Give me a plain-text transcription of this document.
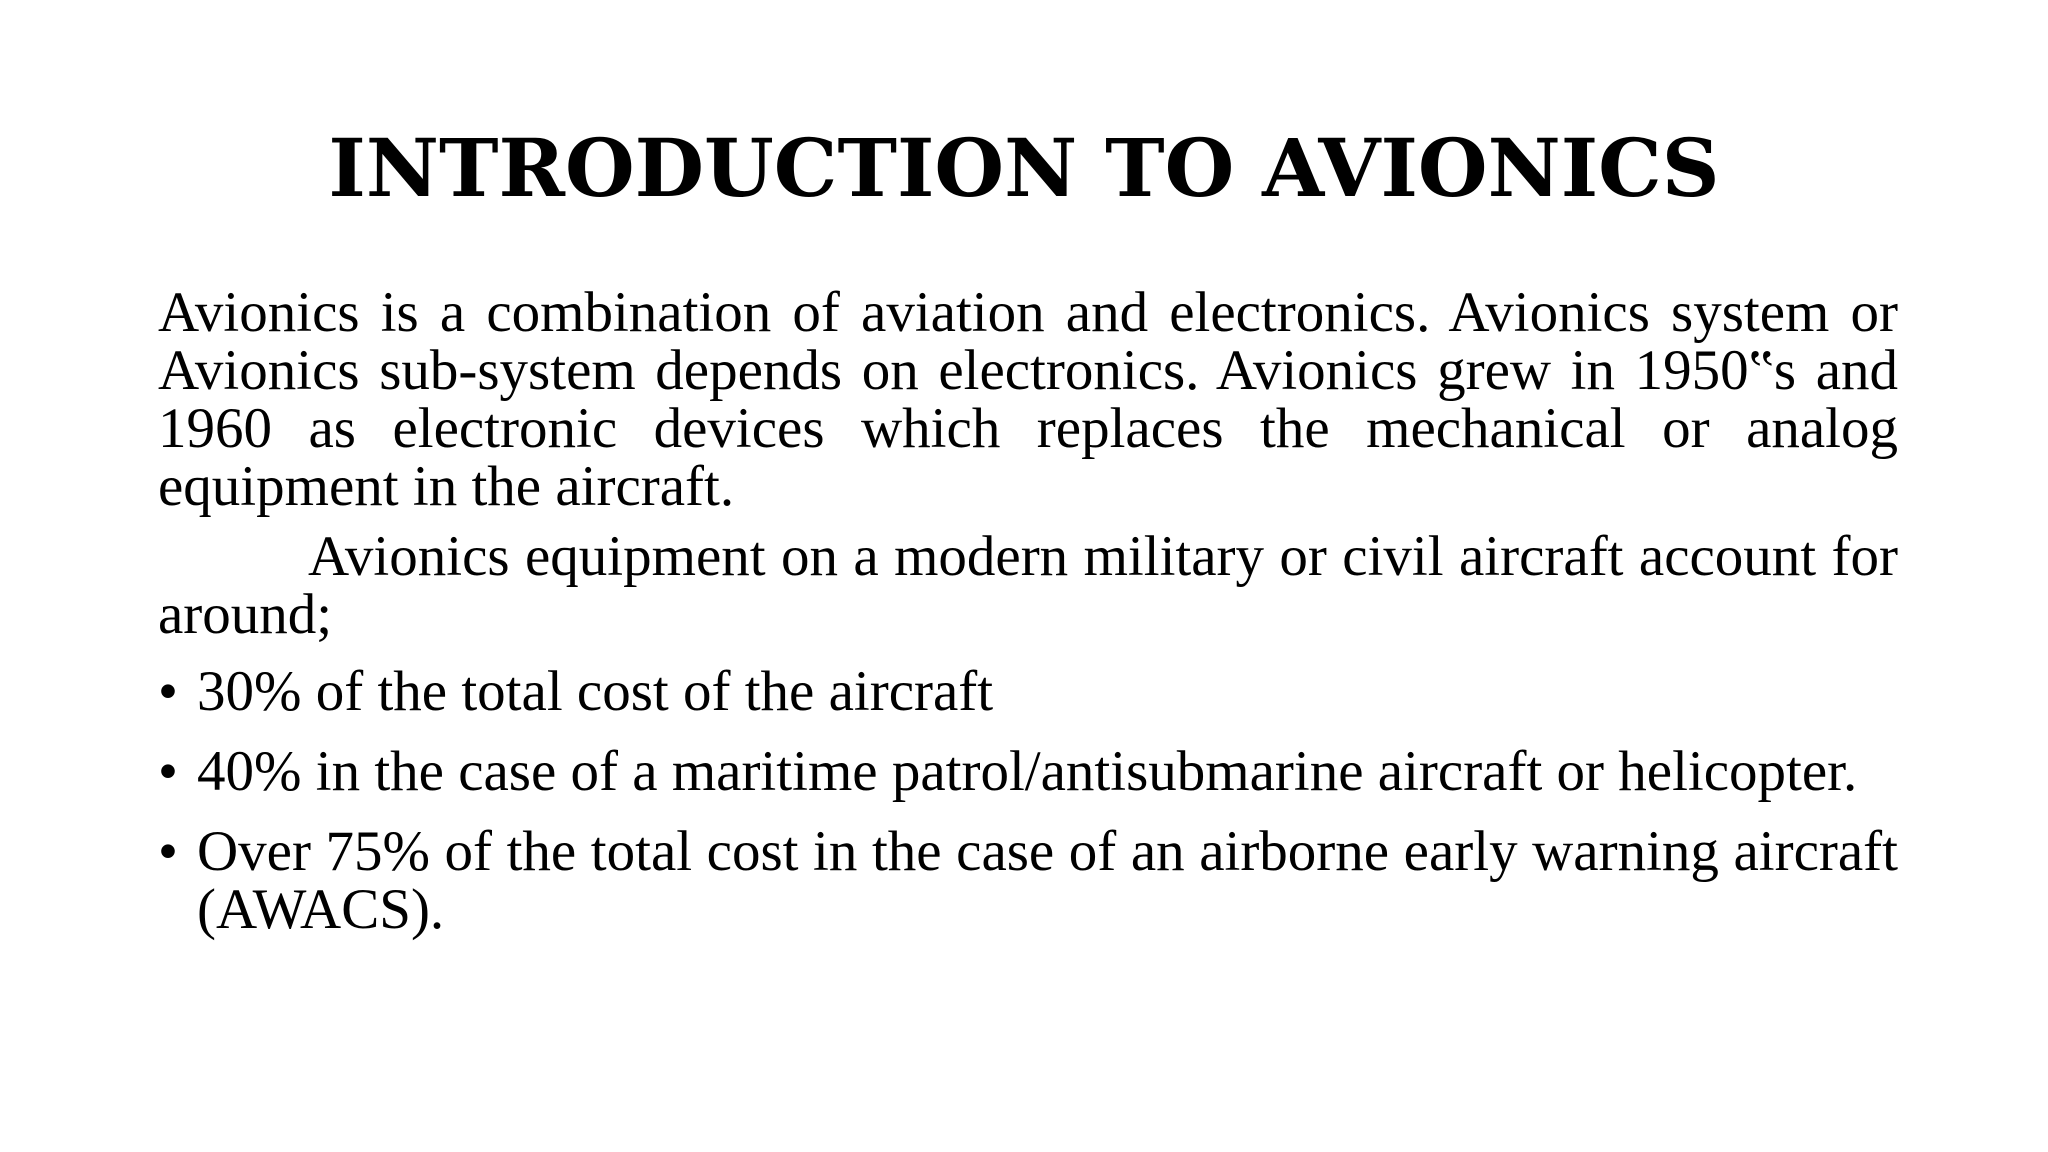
INTRODUCTION TO AVIONICS

Avionics is a combination of aviation and electronics. Avionics system or Avionics sub-system depends on electronics. Avionics grew in 1950‟s and 1960 as electronic devices which replaces the mechanical or analog equipment in the aircraft.

Avionics equipment on a modern military or civil aircraft account for around;

• 30% of the total cost of the aircraft
• 40% in the case of a maritime patrol/antisubmarine aircraft or helicopter.
• Over 75% of the total cost in the case of an airborne early warning aircraft (AWACS).
